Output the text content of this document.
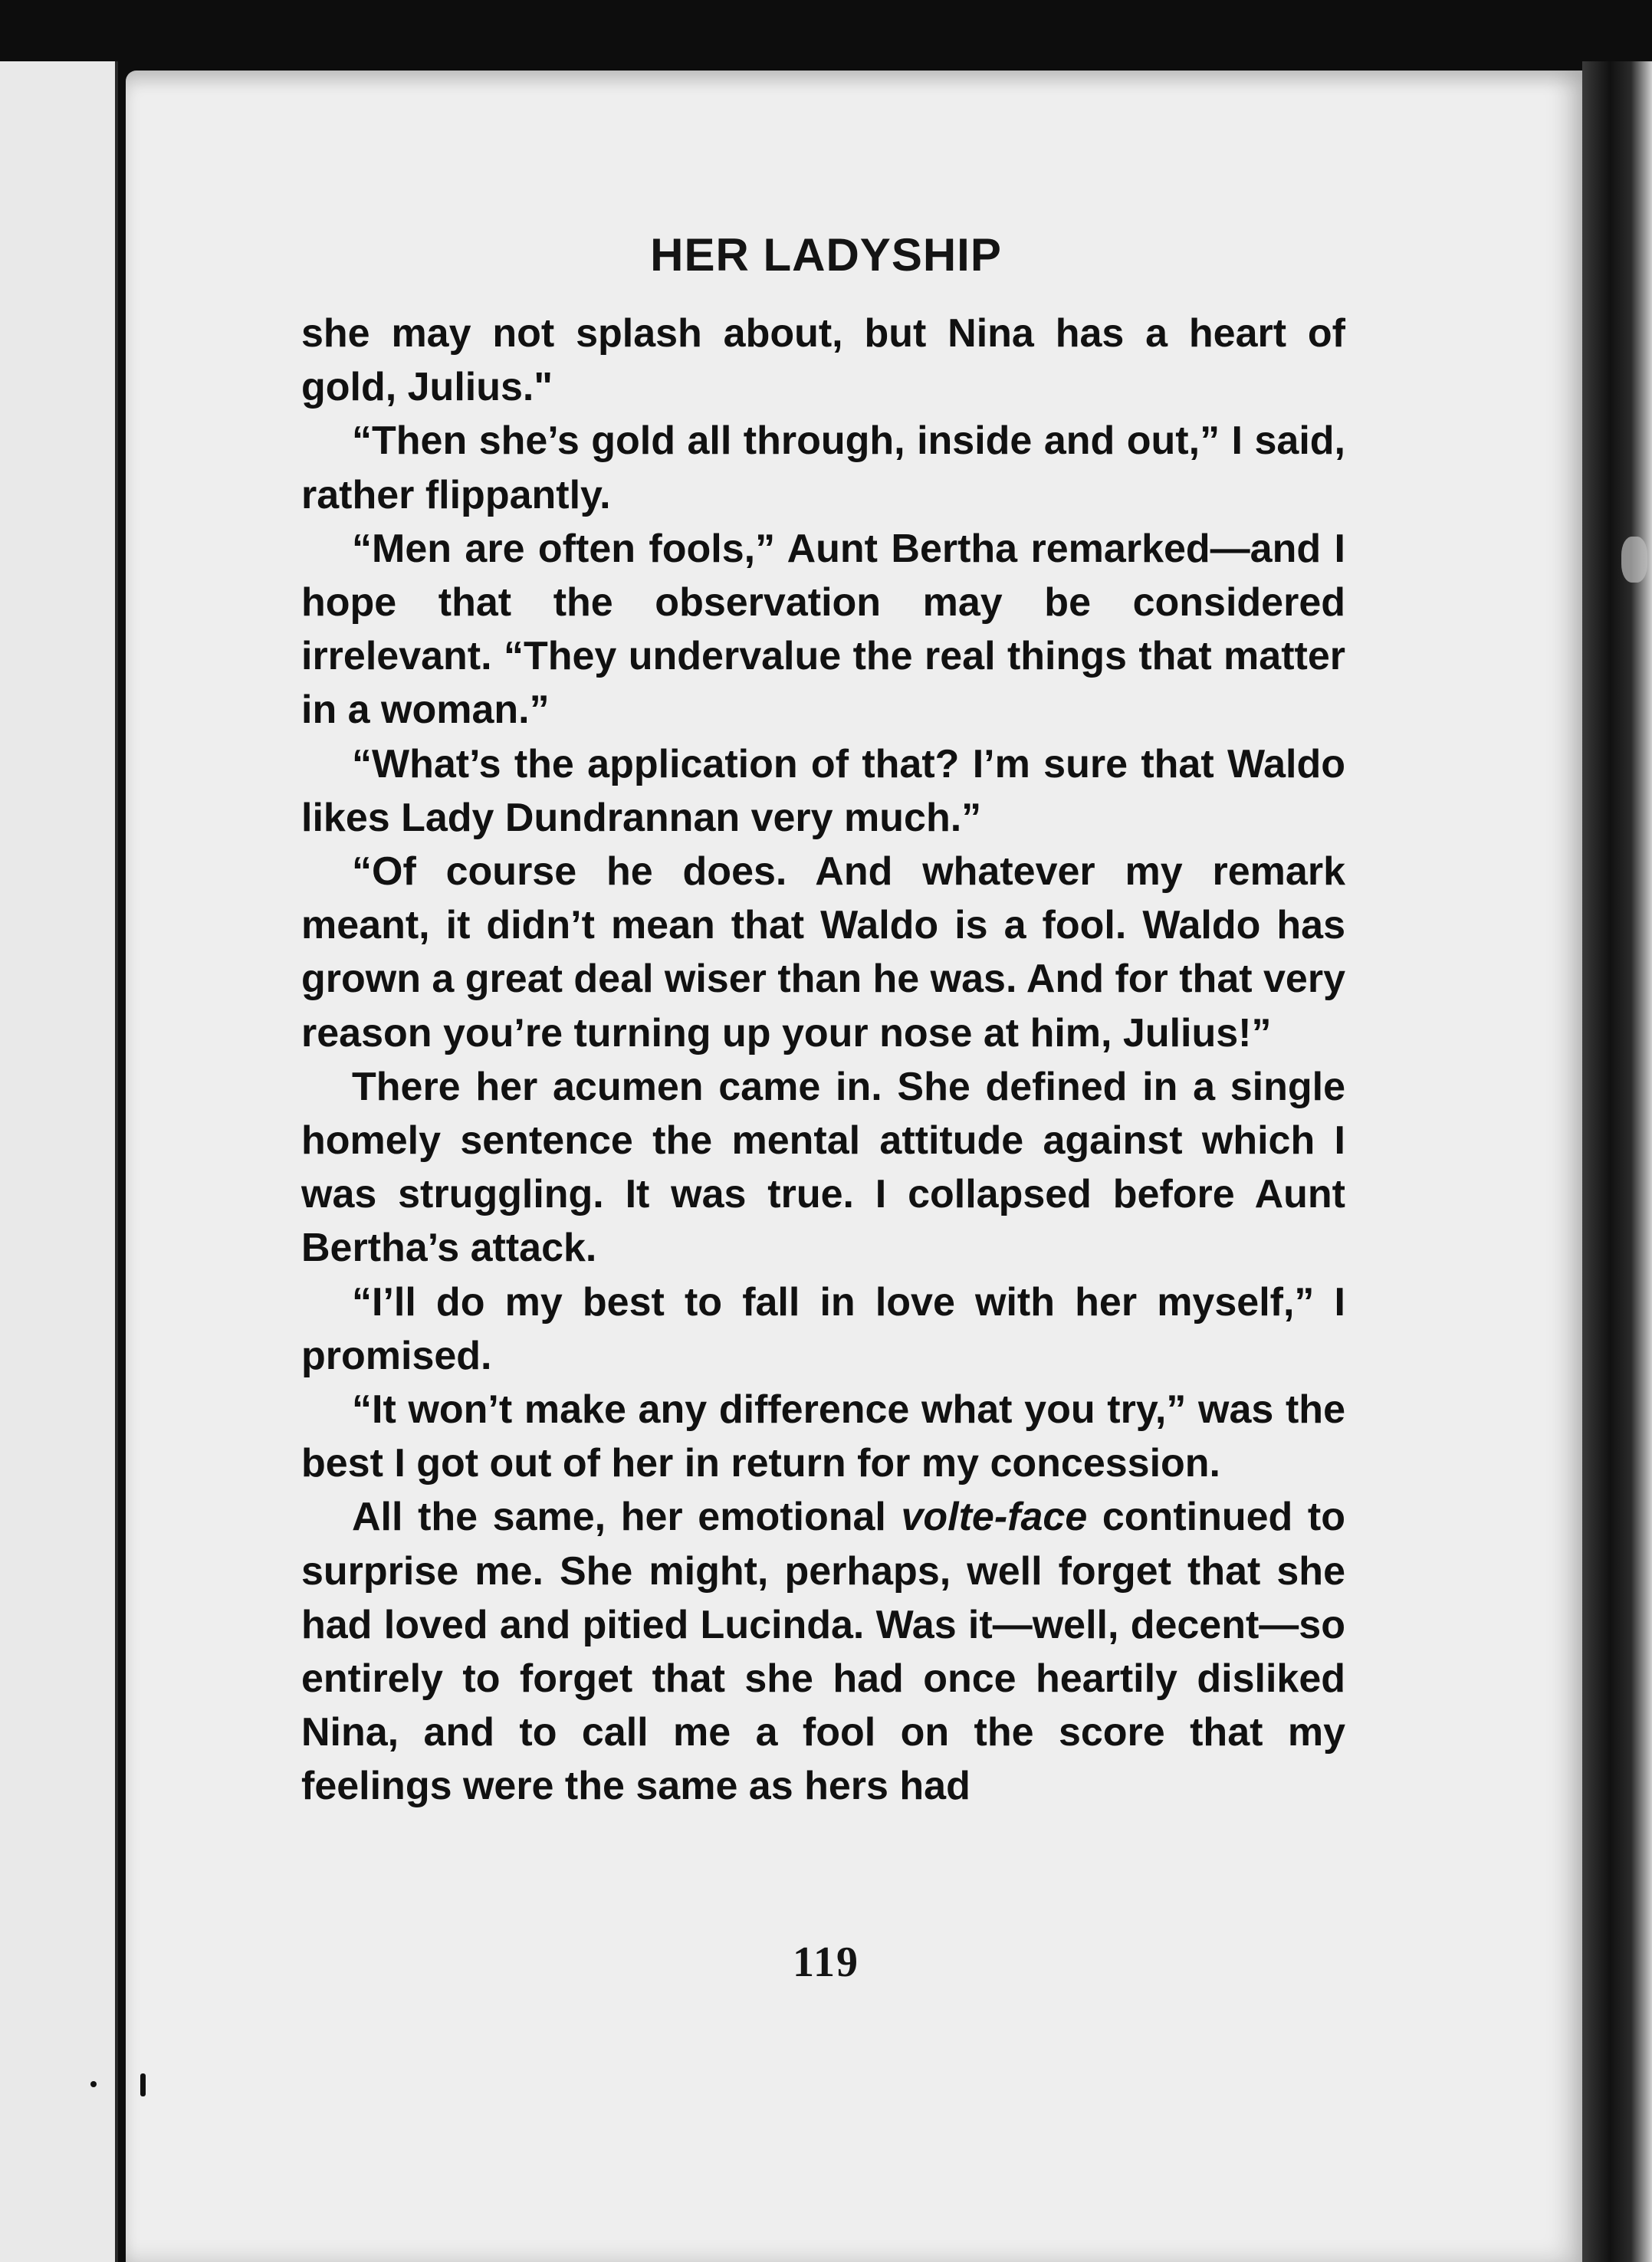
HER LADYSHIP

she may not splash about, but Nina has a heart of gold, Julius."

“Then she’s gold all through, inside and out,” I said, rather flippantly.

“Men are often fools,” Aunt Bertha remarked—and I hope that the observation may be considered irrelevant. “They undervalue the real things that matter in a woman.”

“What’s the application of that? I’m sure that Waldo likes Lady Dundrannan very much.”

“Of course he does. And whatever my remark meant, it didn’t mean that Waldo is a fool. Waldo has grown a great deal wiser than he was. And for that very reason you’re turning up your nose at him, Julius!”

There her acumen came in. She defined in a single homely sentence the mental attitude against which I was struggling. It was true. I collapsed before Aunt Bertha’s attack.

“I’ll do my best to fall in love with her myself,” I promised.

“It won’t make any difference what you try,” was the best I got out of her in return for my concession.

All the same, her emotional volte-face continued to surprise me. She might, perhaps, well forget that she had loved and pitied Lucinda. Was it—well, decent—so entirely to forget that she had once heartily disliked Nina, and to call me a fool on the score that my feelings were the same as hers had

119
